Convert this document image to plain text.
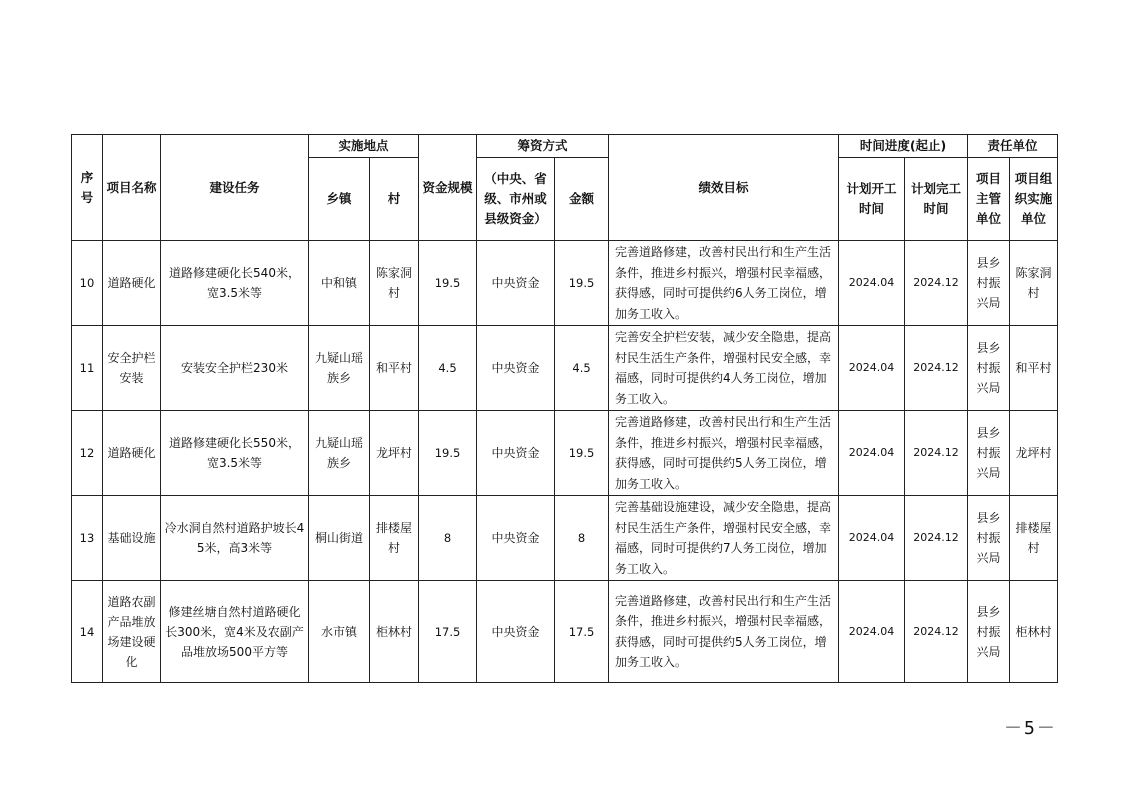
序号	项目名称	建设任务	实施地点		资金规模	筹资方式		绩效目标	时间进度(起止)		责任单位	
			乡镇	村		（中央、省级、市州或县级资金）	金额		计划开工时间	计划完工时间	项目主管单位	项目组织实施单位
10	道路硬化	道路修建硬化长540米，宽3.5米等	中和镇	陈家洞村	19.5	中央资金	19.5	完善道路修建，改善村民出行和生产生活条件，推进乡村振兴，增强村民幸福感，获得感，同时可提供约6人务工岗位，增加务工收入。	2024.04	2024.12	县乡村振兴局	陈家洞村
11	安全护栏安装	安装安全护栏230米	九疑山瑶族乡	和平村	4.5	中央资金	4.5	完善安全护栏安装，减少安全隐患，提高村民生活生产条件，增强村民安全感，幸福感，同时可提供约4人务工岗位，增加务工收入。	2024.04	2024.12	县乡村振兴局	和平村
12	道路硬化	道路修建硬化长550米，宽3.5米等	九疑山瑶族乡	龙坪村	19.5	中央资金	19.5	完善道路修建，改善村民出行和生产生活条件，推进乡村振兴，增强村民幸福感，获得感，同时可提供约5人务工岗位，增加务工收入。	2024.04	2024.12	县乡村振兴局	龙坪村
13	基础设施	冷水洞自然村道路护坡长45米，高3米等	桐山街道	排楼屋村	8	中央资金	8	完善基础设施建设，减少安全隐患，提高村民生活生产条件，增强村民安全感，幸福感，同时可提供约7人务工岗位，增加务工收入。	2024.04	2024.12	县乡村振兴局	排楼屋村
14	道路农副产品堆放场建设硬化	修建丝塘自然村道路硬化长300米，宽4米及农副产品堆放场500平方等	水市镇	柜林村	17.5	中央资金	17.5	完善道路修建，改善村民出行和生产生活条件，推进乡村振兴，增强村民幸福感，获得感，同时可提供约5人务工岗位，增加务工收入。	2024.04	2024.12	县乡村振兴局	柜林村
－5－
